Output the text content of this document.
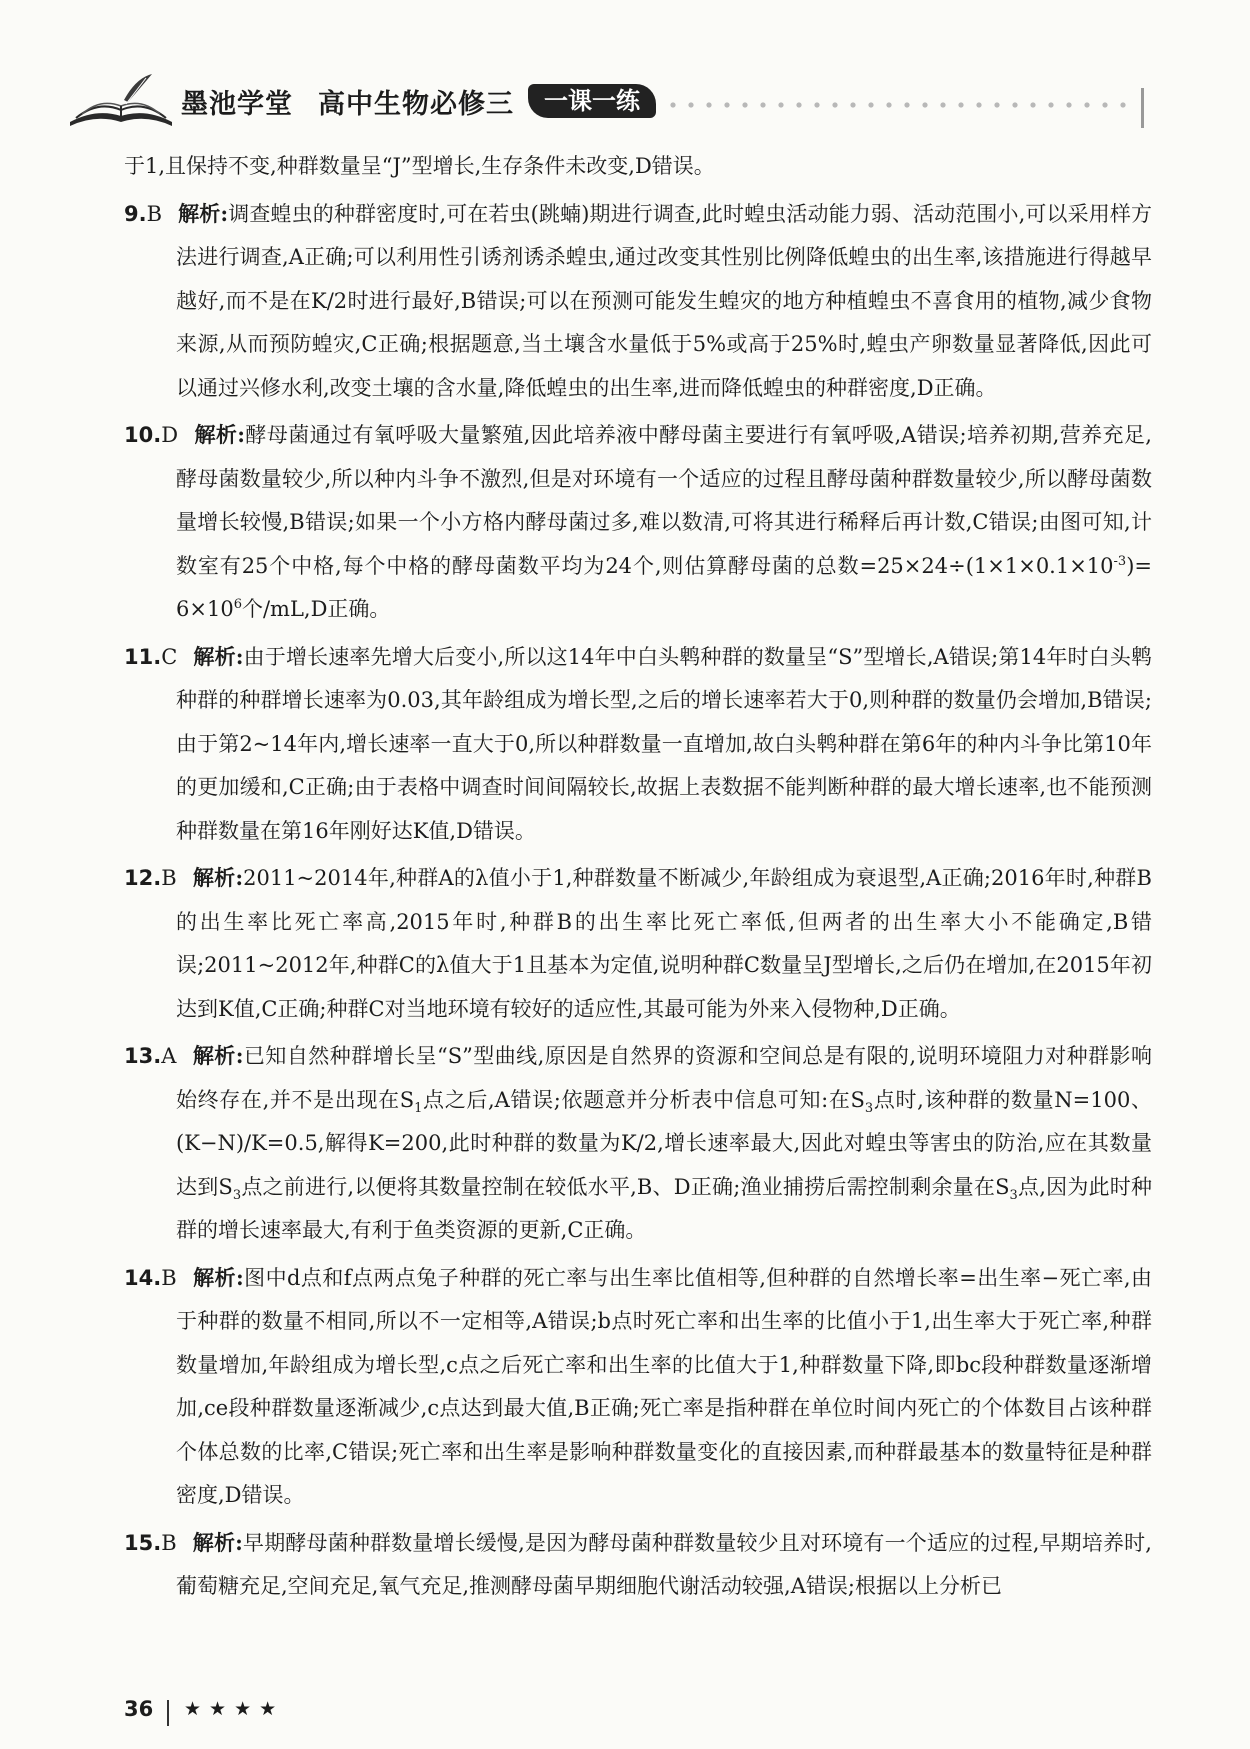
墨池学堂 高中生物必修三	一课一练

于1,且保持不变,种群数量呈“J”型增长,生存条件未改变,D错误。

9.B 解析:调查蝗虫的种群密度时,可在若虫(跳蝻)期进行调查,此时蝗虫活动能力弱、活动范围小,可以采用样方法进行调查,A正确;可以利用性引诱剂诱杀蝗虫,通过改变其性别比例降低蝗虫的出生率,该措施进行得越早越好,而不是在K/2时进行最好,B错误;可以在预测可能发生蝗灾的地方种植蝗虫不喜食用的植物,减少食物来源,从而预防蝗灾,C正确;根据题意,当土壤含水量低于5%或高于25%时,蝗虫产卵数量显著降低,因此可以通过兴修水利,改变土壤的含水量,降低蝗虫的出生率,进而降低蝗虫的种群密度,D正确。

10.D 解析:酵母菌通过有氧呼吸大量繁殖,因此培养液中酵母菌主要进行有氧呼吸,A错误;培养初期,营养充足,酵母菌数量较少,所以种内斗争不激烈,但是对环境有一个适应的过程且酵母菌种群数量较少,所以酵母菌数量增长较慢,B错误;如果一个小方格内酵母菌过多,难以数清,可将其进行稀释后再计数,C错误;由图可知,计数室有25个中格,每个中格的酵母菌数平均为24个,则估算酵母菌的总数$=25\times 24\div(1\times 1\times 0.1\times 10^{-3})= 6\times 10^6$个/mL,D正确。

11.C 解析:由于增长速率先增大后变小,所以这14年中白头鹎种群的数量呈“S”型增长,A错误;第14年时白头鹎种群的种群增长速率为0.03,其年龄组成为增长型,之后的增长速率若大于0,则种群的数量仍会增加,B错误;由于第2~14年内,增长速率一直大于0,所以种群数量一直增加,故白头鹎种群在第6年的种内斗争比第10年的更加缓和,C正确;由于表格中调查时间间隔较长,故据上表数据不能判断种群的最大增长速率,也不能预测种群数量在第16年刚好达K值,D错误。

12.B 解析:2011~2014年,种群A的λ值小于1,种群数量不断减少,年龄组成为衰退型,A正确;2016年时,种群B的出生率比死亡率高,2015年时,种群B的出生率比死亡率低,但两者的出生率大小不能确定,B错误;2011~2012年,种群C的λ值大于1且基本为定值,说明种群C数量呈J型增长,之后仍在增加,在2015年初达到K值,C正确;种群C对当地环境有较好的适应性,其最可能为外来入侵物种,D正确。

13.A 解析:已知自然种群增长呈“S”型曲线,原因是自然界的资源和空间总是有限的,说明环境阻力对种群影响始终存在,并不是出现在$S_1$点之后,A错误;依题意并分析表中信息可知:在$S_3$点时,该种群的数量N=100、(K−N)/K=0.5,解得K=200,此时种群的数量为K/2,增长速率最大,因此对蝗虫等害虫的防治,应在其数量达到$S_3$点之前进行,以便将其数量控制在较低水平,B、D正确;渔业捕捞后需控制剩余量在$S_3$点,因为此时种群的增长速率最大,有利于鱼类资源的更新,C正确。

14.B 解析:图中d点和f点两点兔子种群的死亡率与出生率比值相等,但种群的自然增长率=出生率−死亡率,由于种群的数量不相同,所以不一定相等,A错误;b点时死亡率和出生率的比值小于1,出生率大于死亡率,种群数量增加,年龄组成为增长型,c点之后死亡率和出生率的比值大于1,种群数量下降,即bc段种群数量逐渐增加,ce段种群数量逐渐减少,c点达到最大值,B正确;死亡率是指种群在单位时间内死亡的个体数目占该种群个体总数的比率,C错误;死亡率和出生率是影响种群数量变化的直接因素,而种群最基本的数量特征是种群密度,D错误。

15.B 解析:早期酵母菌种群数量增长缓慢,是因为酵母菌种群数量较少且对环境有一个适应的过程,早期培养时,葡萄糖充足,空间充足,氧气充足,推测酵母菌早期细胞代谢活动较强,A错误;根据以上分析已

36 ★★★★
